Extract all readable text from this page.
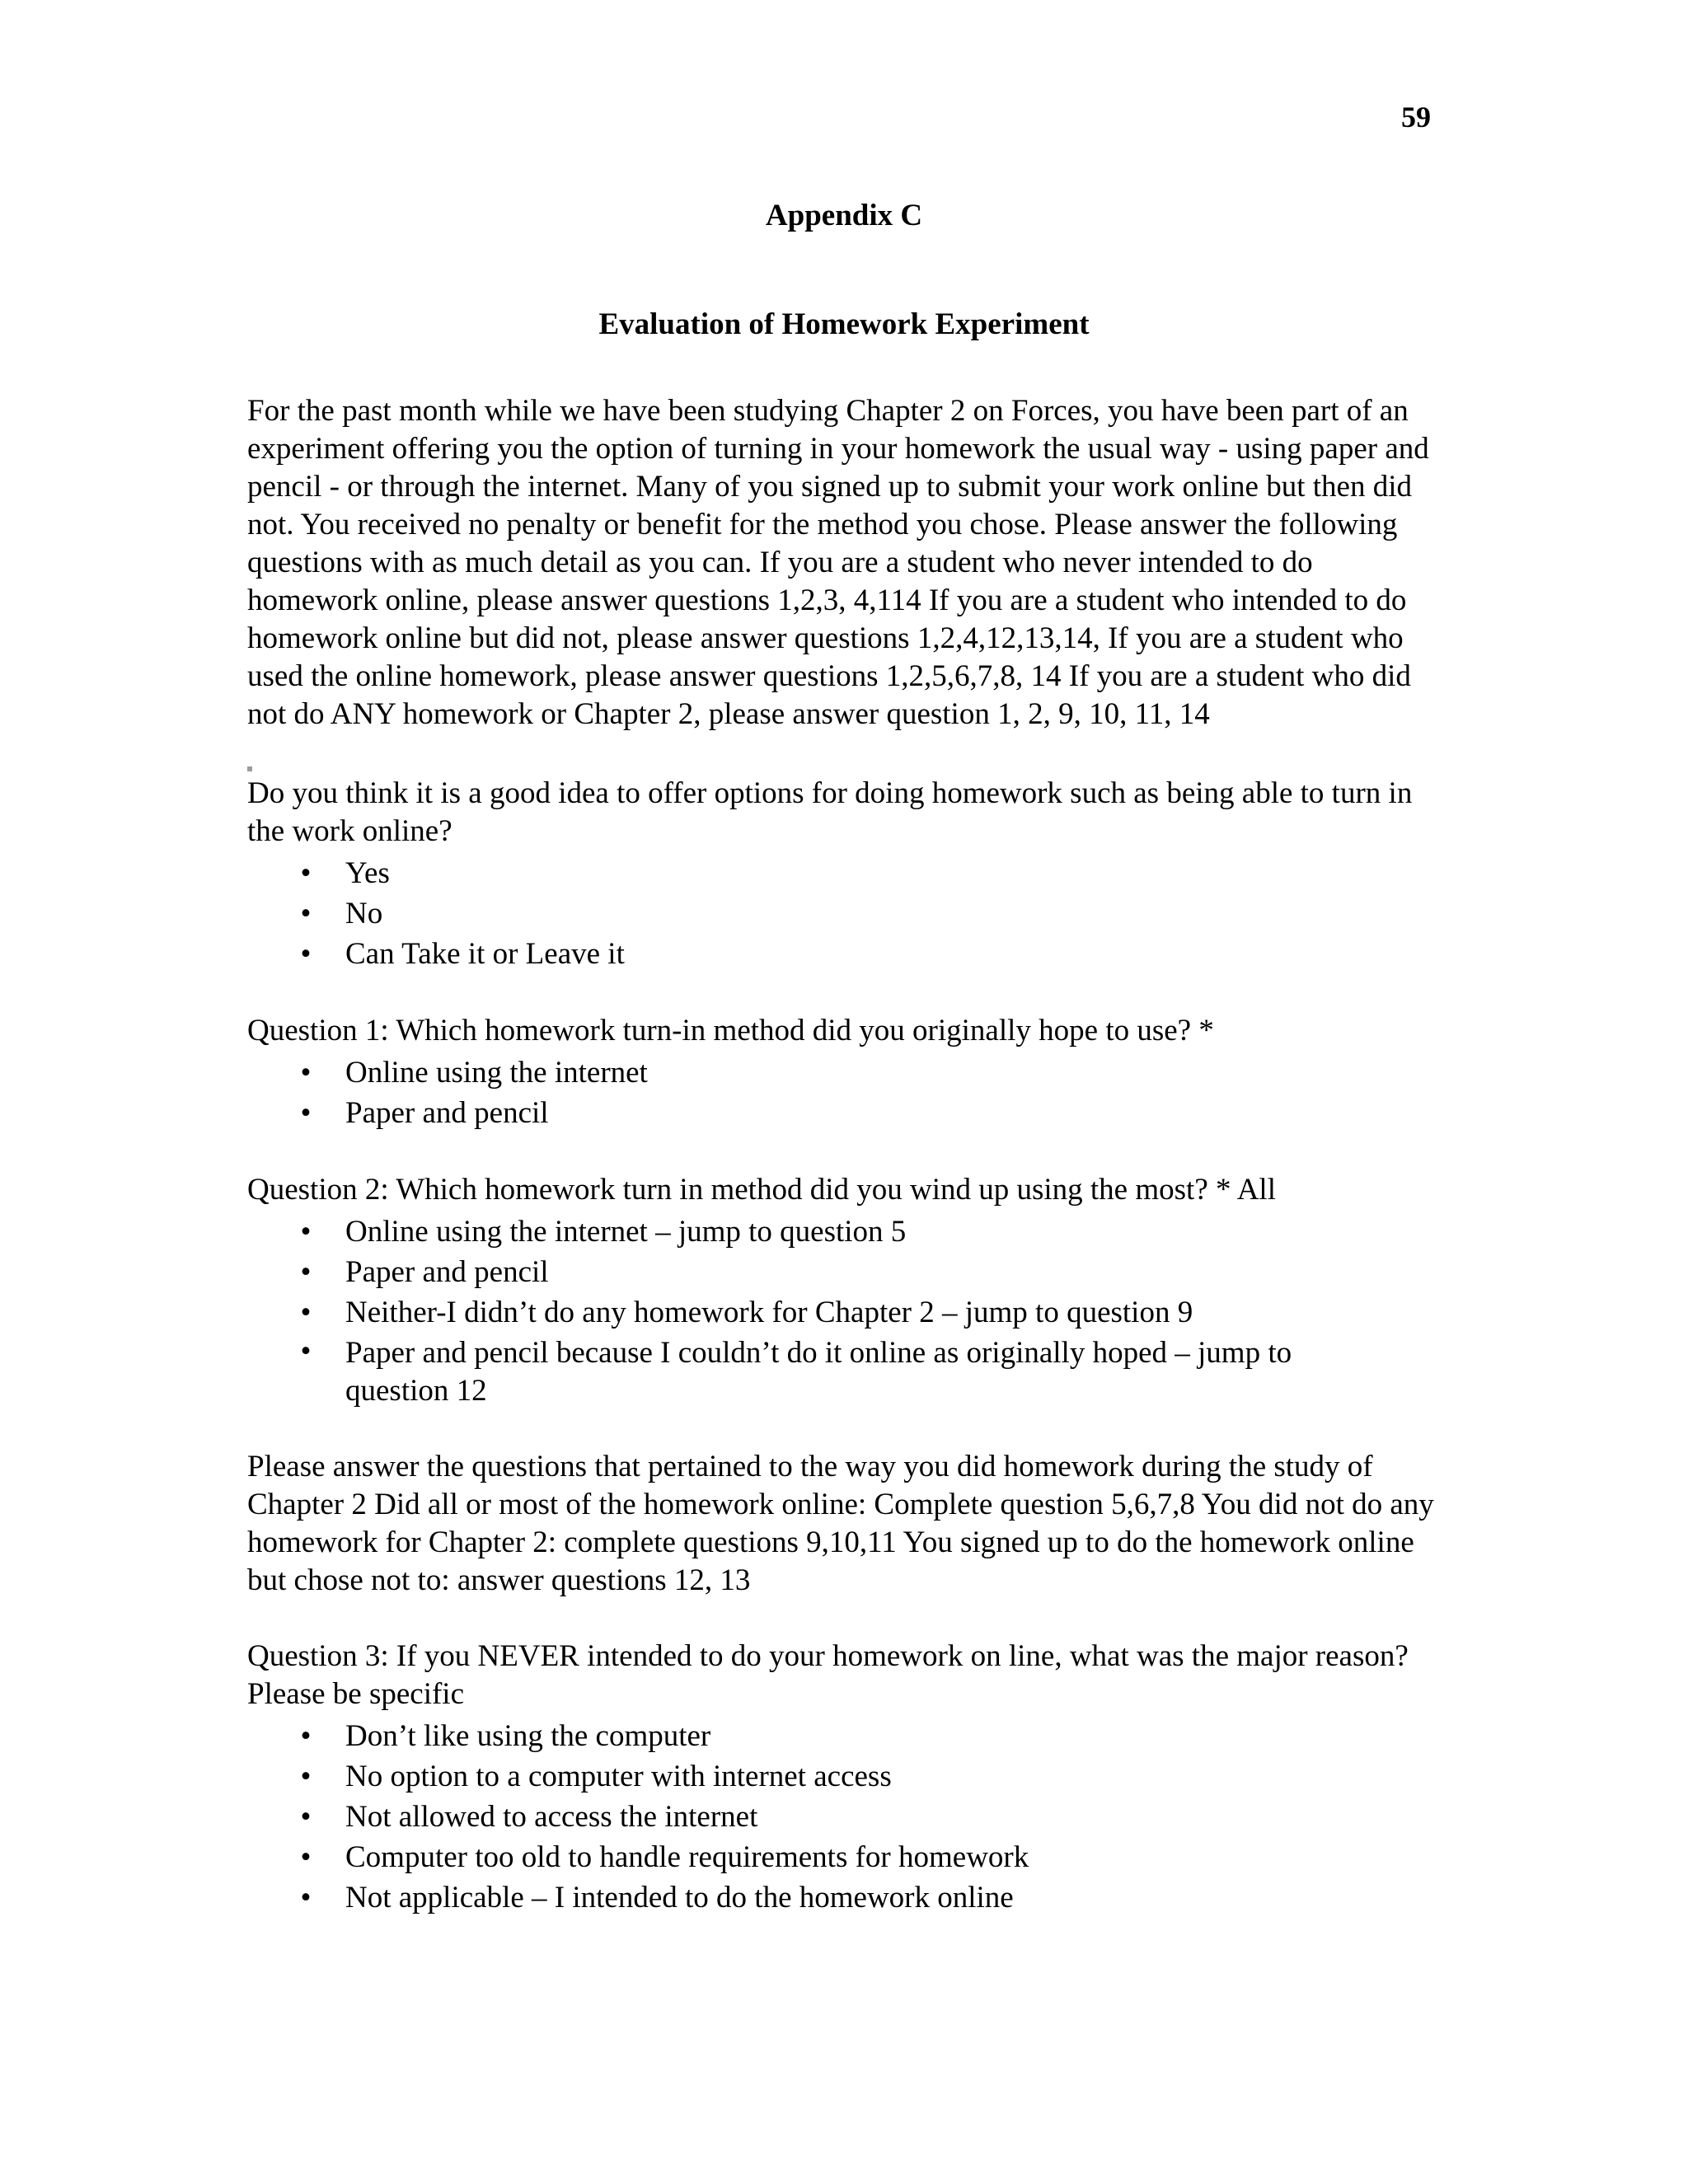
59
Appendix C
Evaluation of Homework Experiment

For the past month while we have been studying Chapter 2 on Forces, you have been part of an experiment offering you the option of turning in your homework the usual way - using paper and pencil - or through the internet. Many of you signed up to submit your work online but then did not. You received no penalty or benefit for the method you chose. Please answer the following questions with as much detail as you can. If you are a student who never intended to do homework online, please answer questions 1,2,3, 4,114 If you are a student who intended to do homework online but did not, please answer questions 1,2,4,12,13,14, If you are a student who used the online homework, please answer questions 1,2,5,6,7,8, 14 If you are a student who did not do ANY homework or Chapter 2, please answer question 1, 2, 9, 10, 11, 14

Do you think it is a good idea to offer options for doing homework such as being able to turn in the work online?

• Yes
• No
• Can Take it or Leave it

Question 1: Which homework turn-in method did you originally hope to use? *

• Online using the internet
• Paper and pencil

Question 2: Which homework turn in method did you wind up using the most? * All

• Online using the internet – jump to question 5
• Paper and pencil
• Neither-I didn’t do any homework for Chapter 2 – jump to question 9
• Paper and pencil because I couldn’t do it online as originally hoped – jump to question 12

Please answer the questions that pertained to the way you did homework during the study of Chapter 2 Did all or most of the homework online: Complete question 5,6,7,8 You did not do any homework for Chapter 2: complete questions 9,10,11 You signed up to do the homework online but chose not to: answer questions 12, 13

Question 3: If you NEVER intended to do your homework on line, what was the major reason? Please be specific

• Don’t like using the computer
• No option to a computer with internet access
• Not allowed to access the internet
• Computer too old to handle requirements for homework
• Not applicable – I intended to do the homework online
